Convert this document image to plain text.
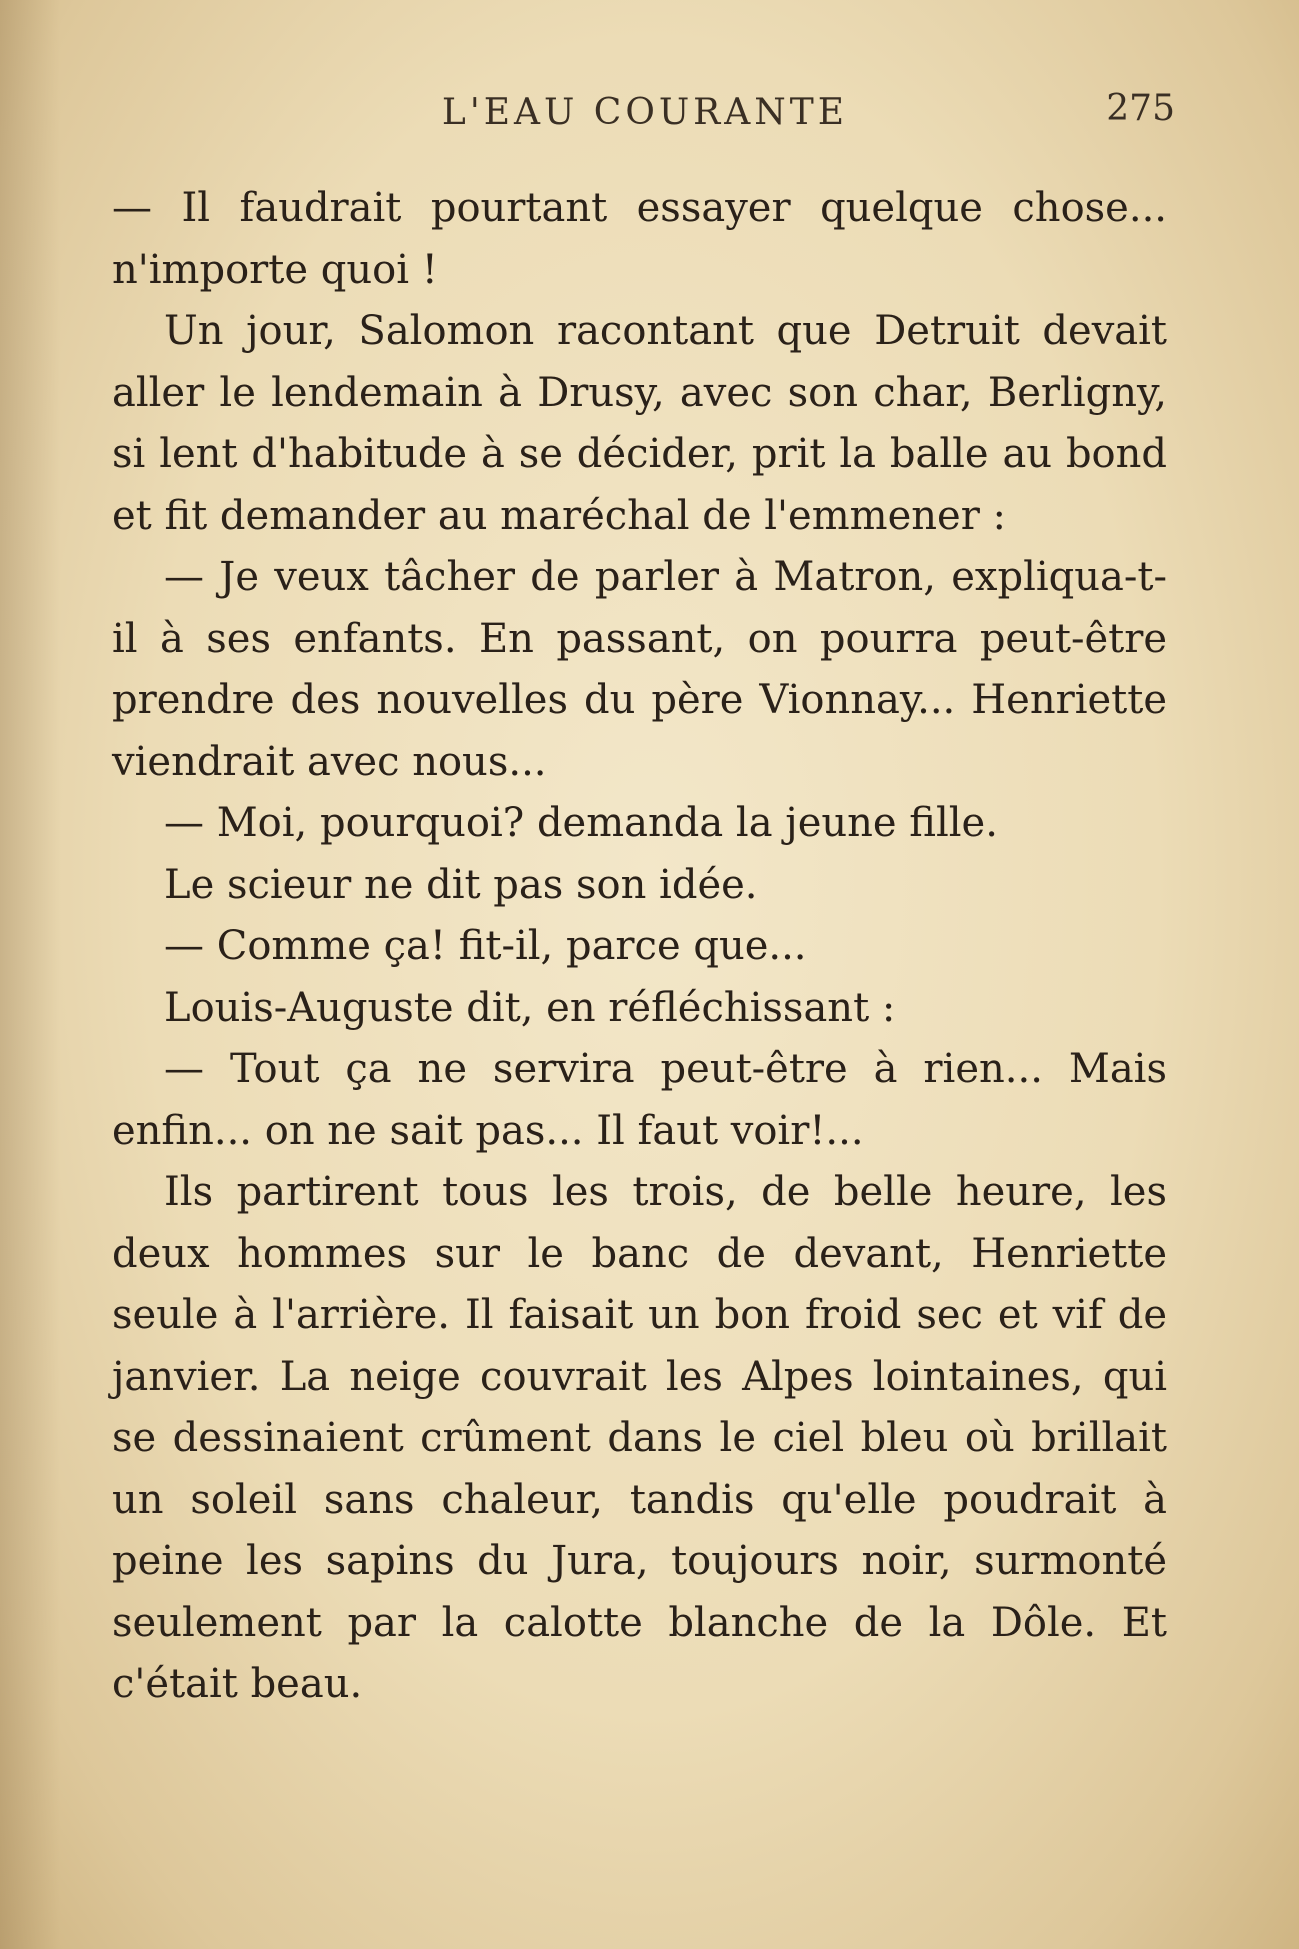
L'EAU COURANTE	275

— Il faudrait pourtant essayer quelque chose... n'importe quoi !

Un jour, Salomon racontant que Detruit devait aller le lendemain à Drusy, avec son char, Berligny, si lent d'habitude à se décider, prit la balle au bond et fit demander au maréchal de l'emmener :

— Je veux tâcher de parler à Matron, expliqua-t-il à ses enfants. En passant, on pourra peut-être prendre des nouvelles du père Vionnay... Henriette viendrait avec nous...

— Moi, pourquoi? demanda la jeune fille.

Le scieur ne dit pas son idée.

— Comme ça! fit-il, parce que...

Louis-Auguste dit, en réfléchissant :

— Tout ça ne servira peut-être à rien... Mais enfin... on ne sait pas... Il faut voir!...

Ils partirent tous les trois, de belle heure, les deux hommes sur le banc de devant, Henriette seule à l'arrière. Il faisait un bon froid sec et vif de janvier. La neige couvrait les Alpes lointaines, qui se dessinaient crûment dans le ciel bleu où brillait un soleil sans chaleur, tandis qu'elle poudrait à peine les sapins du Jura, toujours noir, surmonté seulement par la calotte blanche de la Dôle. Et c'était beau.
